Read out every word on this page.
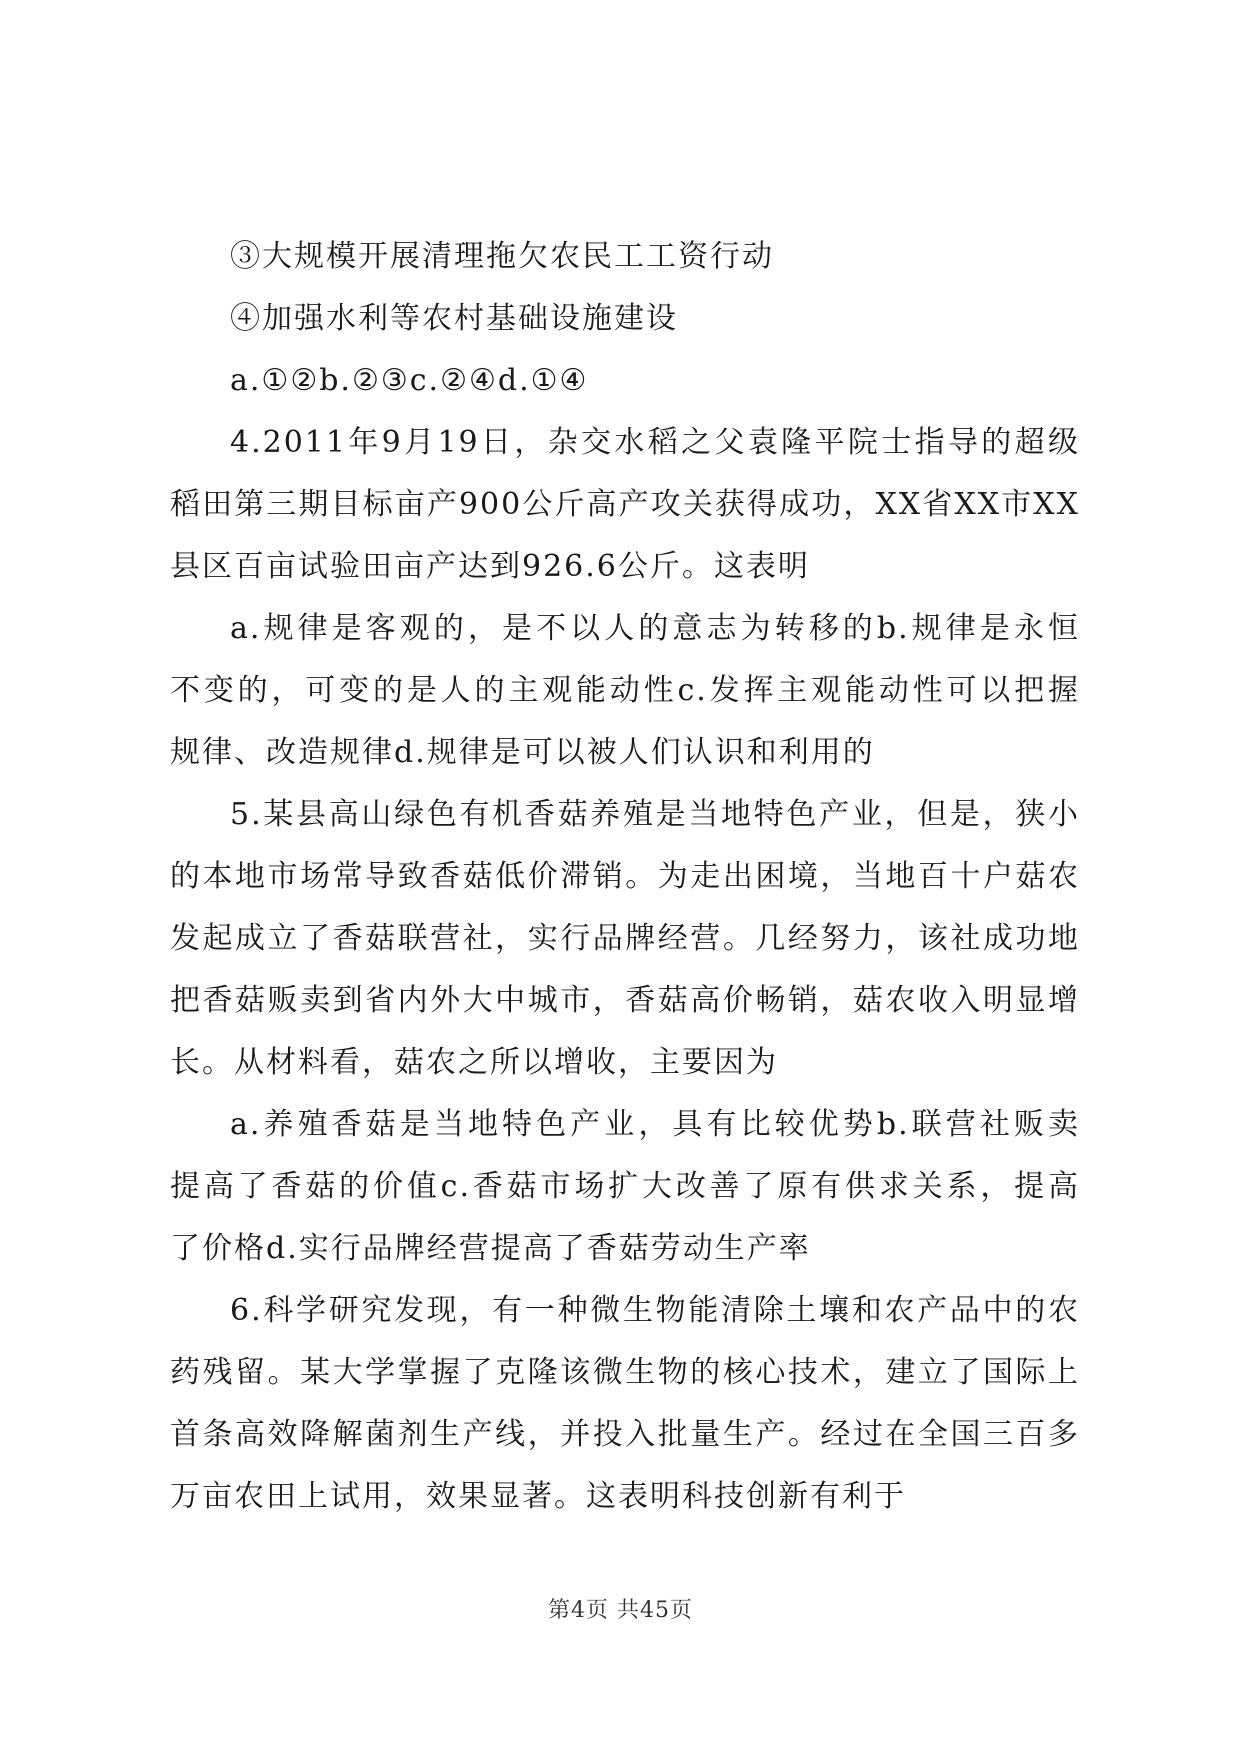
③大规模开展清理拖欠农民工工资行动
④加强水利等农村基础设施建设
a.①②b.②③c.②④d.①④
4.2011年9月19日，杂交水稻之父袁隆平院士指导的超级
稻田第三期目标亩产900公斤高产攻关获得成功，XX省XX市XX
县区百亩试验田亩产达到926.6公斤。这表明
a.规律是客观的，是不以人的意志为转移的b.规律是永恒
不变的，可变的是人的主观能动性c.发挥主观能动性可以把握
规律、改造规律d.规律是可以被人们认识和利用的
5.某县高山绿色有机香菇养殖是当地特色产业，但是，狭小
的本地市场常导致香菇低价滞销。为走出困境，当地百十户菇农
发起成立了香菇联营社，实行品牌经营。几经努力，该社成功地
把香菇贩卖到省内外大中城市，香菇高价畅销，菇农收入明显增
长。从材料看，菇农之所以增收，主要因为
a.养殖香菇是当地特色产业，具有比较优势b.联营社贩卖
提高了香菇的价值c.香菇市场扩大改善了原有供求关系，提高
了价格d.实行品牌经营提高了香菇劳动生产率
6.科学研究发现，有一种微生物能清除土壤和农产品中的农
药残留。某大学掌握了克隆该微生物的核心技术，建立了国际上
首条高效降解菌剂生产线，并投入批量生产。经过在全国三百多
万亩农田上试用，效果显著。这表明科技创新有利于
第4页 共45页
